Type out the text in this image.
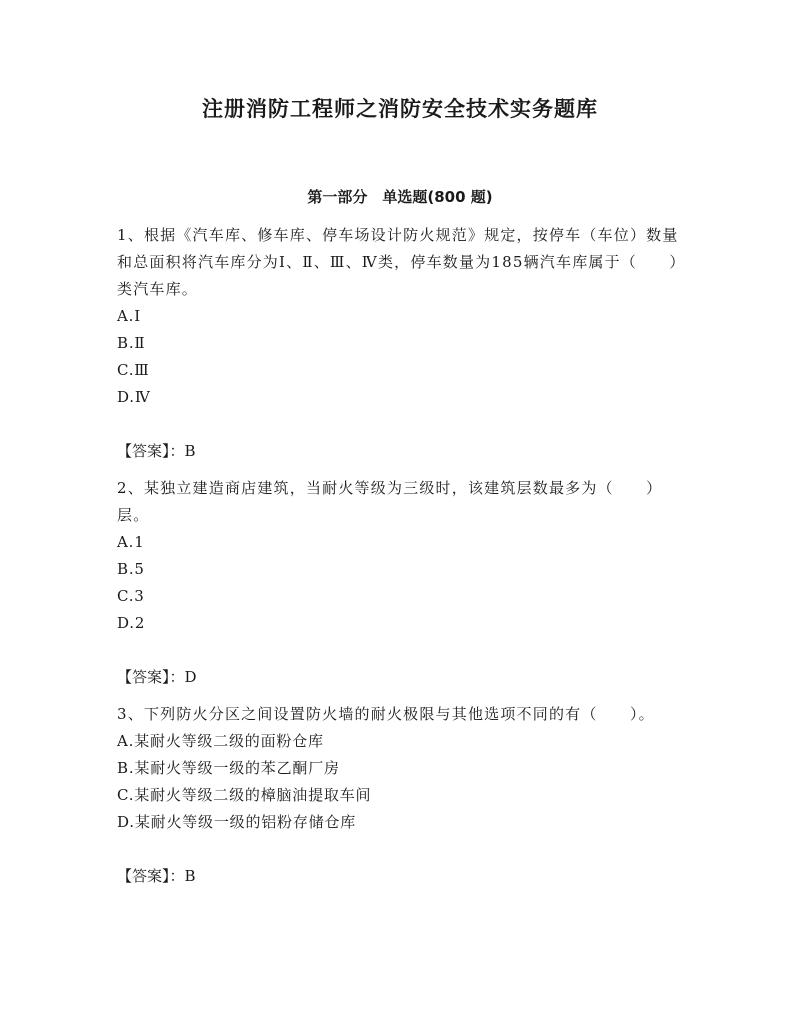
注册消防工程师之消防安全技术实务题库
第一部分　单选题(800 题)

1、根据《汽车库、修车库、停车场设计防火规范》规定，按停车（车位）数量和总面积将汽车库分为Ⅰ、Ⅱ、Ⅲ、Ⅳ类，停车数量为185辆汽车库属于（　　）类汽车库。

A.Ⅰ

B.Ⅱ

C.Ⅲ

D.Ⅳ

【答案】：B

2、某独立建造商店建筑，当耐火等级为三级时，该建筑层数最多为（　　）层。

A.1

B.5

C.3

D.2

【答案】：D

3、下列防火分区之间设置防火墙的耐火极限与其他选项不同的有（　　）。

A.某耐火等级二级的面粉仓库

B.某耐火等级一级的苯乙酮厂房

C.某耐火等级二级的樟脑油提取车间

D.某耐火等级一级的铝粉存储仓库

【答案】：B
